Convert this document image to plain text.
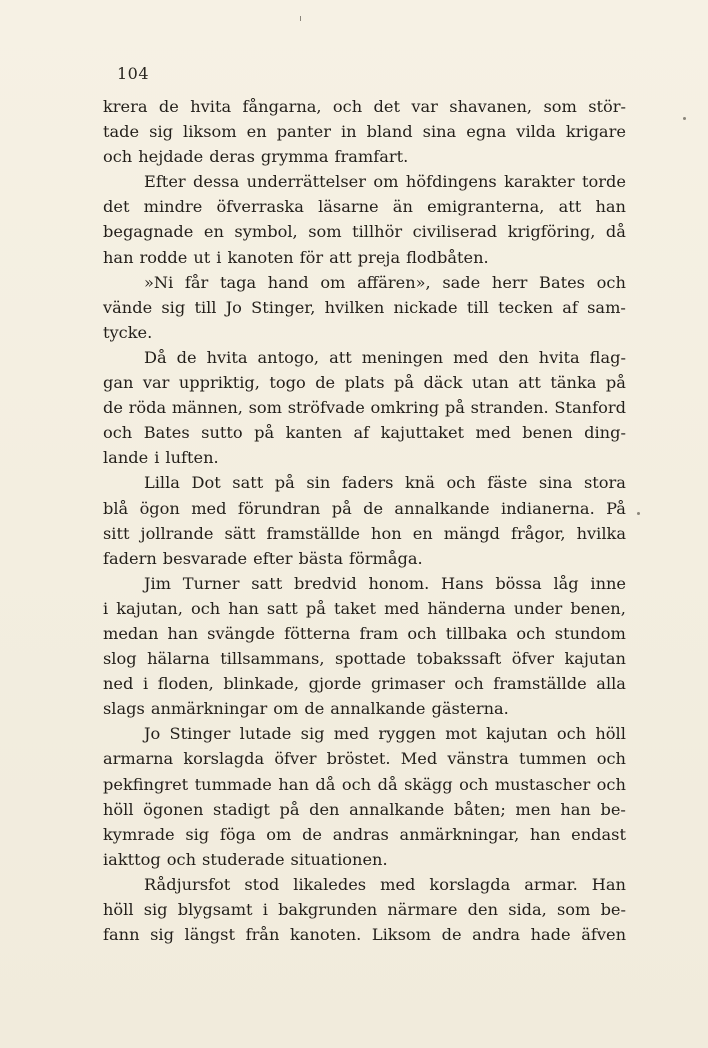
104
krera de hvita fångarna, och det var shavanen, som stör-
tade sig liksom en panter in bland sina egna vilda krigare
och hejdade deras grymma framfart.
Efter dessa underrättelser om höfdingens karakter torde
det mindre öfverraska läsarne än emigranterna, att han
begagnade en symbol, som tillhör civiliserad krigföring, då
han rodde ut i kanoten för att preja flodbåten.
»Ni får taga hand om affären», sade herr Bates och
vände sig till Jo Stinger, hvilken nickade till tecken af sam-
tycke.
Då de hvita antogo, att meningen med den hvita flag-
gan var uppriktig, togo de plats på däck utan att tänka på
de röda männen, som ströfvade omkring på stranden. Stanford
och Bates sutto på kanten af kajuttaket med benen ding-
lande i luften.
Lilla Dot satt på sin faders knä och fäste sina stora
blå ögon med förundran på de annalkande indianerna. På
sitt jollrande sätt framställde hon en mängd frågor, hvilka
fadern besvarade efter bästa förmåga.
Jim Turner satt bredvid honom. Hans bössa låg inne
i kajutan, och han satt på taket med händerna under benen,
medan han svängde fötterna fram och tillbaka och stundom
slog hälarna tillsammans, spottade tobakssaft öfver kajutan
ned i floden, blinkade, gjorde grimaser och framställde alla
slags anmärkningar om de annalkande gästerna.
Jo Stinger lutade sig med ryggen mot kajutan och höll
armarna korslagda öfver bröstet. Med vänstra tummen och
pekfingret tummade han då och då skägg och mustascher och
höll ögonen stadigt på den annalkande båten; men han be-
kymrade sig föga om de andras anmärkningar, han endast
iakttog och studerade situationen.
Rådjursfot stod likaledes med korslagda armar. Han
höll sig blygsamt i bakgrunden närmare den sida, som be-
fann sig längst från kanoten. Liksom de andra hade äfven
